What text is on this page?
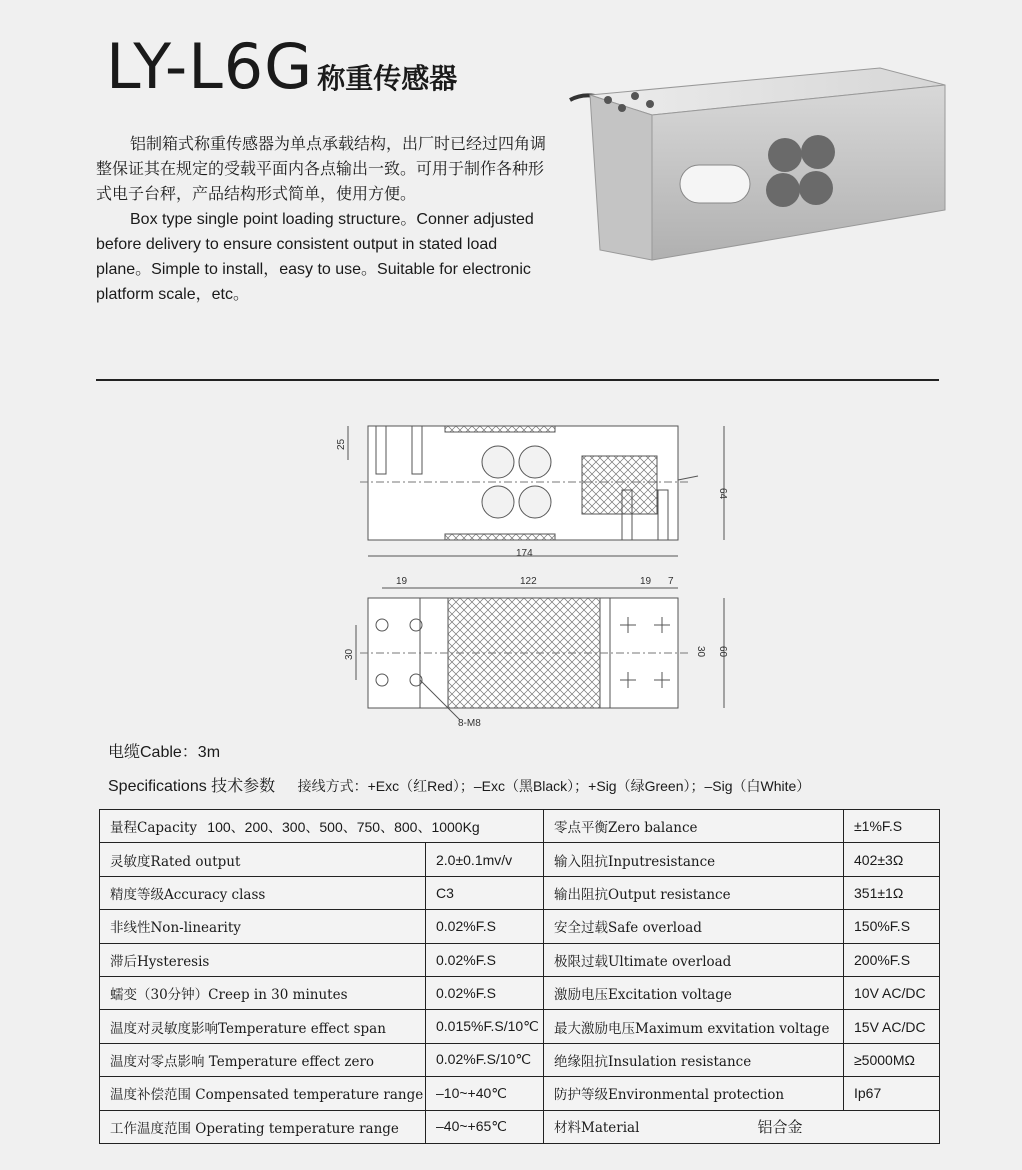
LY-L6G 称重传感器

铝制箱式称重传感器为单点承载结构，出厂时已经过四角调整保证其在规定的受载平面内各点输出一致。可用于制作各种形式电子台秤，产品结构形式简单，使用方便。

Box type single point loading structure。Conner adjusted before delivery to ensure consistent output in stated load plane。Simple to install，easy to use。Suitable for electronic platform scale，etc。

25
64
174
19	122	19 7
30	30 60
8-M8
电缆Cable：3m
Specifications 技术参数 接线方式：+Exc（红Red）；–Exc（黑Black）；+Sig（绿Green）；–Sig（白White）
量程Capacity 100、200、300、500、750、800、1000Kg		零点平衡Zero balance	±1%F.S
灵敏度Rated output	2.0±0.1mv/v	输入阻抗Inputresistance	402±3Ω
精度等级Accuracy class	C3	输出阻抗Output resistance	351±1Ω
非线性Non-linearity	0.02%F.S	安全过载Safe overload	150%F.S
滞后Hysteresis	0.02%F.S	极限过载Ultimate overload	200%F.S
蠕变（30分钟）Creep in 30 minutes	0.02%F.S	激励电压Excitation voltage	10V AC/DC
温度对灵敏度影响Temperature effect span	0.015%F.S/10℃	最大激励电压Maximum exvitation voltage	15V AC/DC
温度对零点影响 Temperature effect zero	0.02%F.S/10℃	绝缘阻抗Insulation resistance	≥5000MΩ
温度补偿范围 Compensated temperature range	–10~+40℃	防护等级Environmental protection	Ip67
工作温度范围 Operating temperature range	–40~+65℃	材料Material 铝合金	
